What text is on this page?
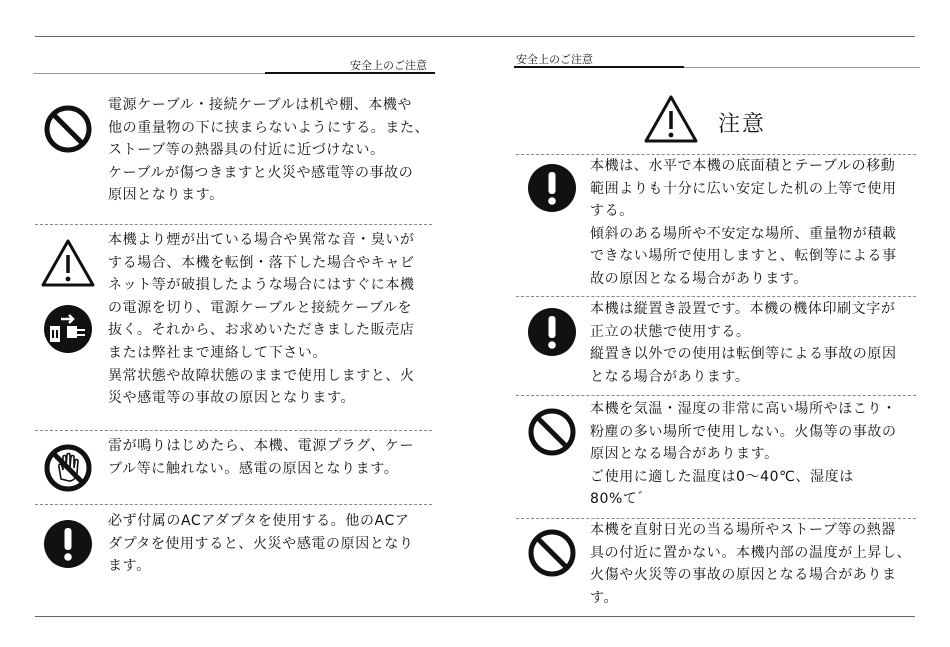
安全上のご注意

電源ケーブル・接続ケーブルは机や棚、本機や

他の重量物の下に挟まらないようにする。また、

ストーブ等の熱器具の付近に近づけない。

ケーブルが傷つきますと火災や感電等の事故の

原因となります。

本機より煙が出ている場合や異常な音・臭いが

する場合、本機を転倒・落下した場合やキャビ

ネット等が破損したような場合にはすぐに本機

の電源を切り、電源ケーブルと接続ケーブルを

抜く。それから、お求めいただきました販売店

または弊社まで連絡して下さい。

異常状態や故障状態のままで使用しますと、火

災や感電等の事故の原因となります。

雷が鳴りはじめたら、本機、電源プラグ、ケー

ブル等に触れない。感電の原因となります。

必ず付属のACアダプタを使用する。他のACア

ダプタを使用すると、火災や感電の原因となり

ます。

安全上のご注意
注意

本機は、水平で本機の底面積とテーブルの移動

範囲よりも十分に広い安定した机の上等で使用

する。

傾斜のある場所や不安定な場所、重量物が積載

できない場所で使用しますと、転倒等による事

故の原因となる場合があります。

本機は縦置き設置です。本機の機体印刷文字が

正立の状態で使用する。

縦置き以外での使用は転倒等による事故の原因

となる場合があります。

本機を気温・湿度の非常に高い場所やほこり・

粉塵の多い場所で使用しない。火傷等の事故の

原因となる場合があります。

ご使用に適した温度は0～40℃、湿度は

80%て゛

本機を直射日光の当る場所やストーブ等の熱器

具の付近に置かない。本機内部の温度が上昇し、

火傷や火災等の事故の原因となる場合がありま

す。
